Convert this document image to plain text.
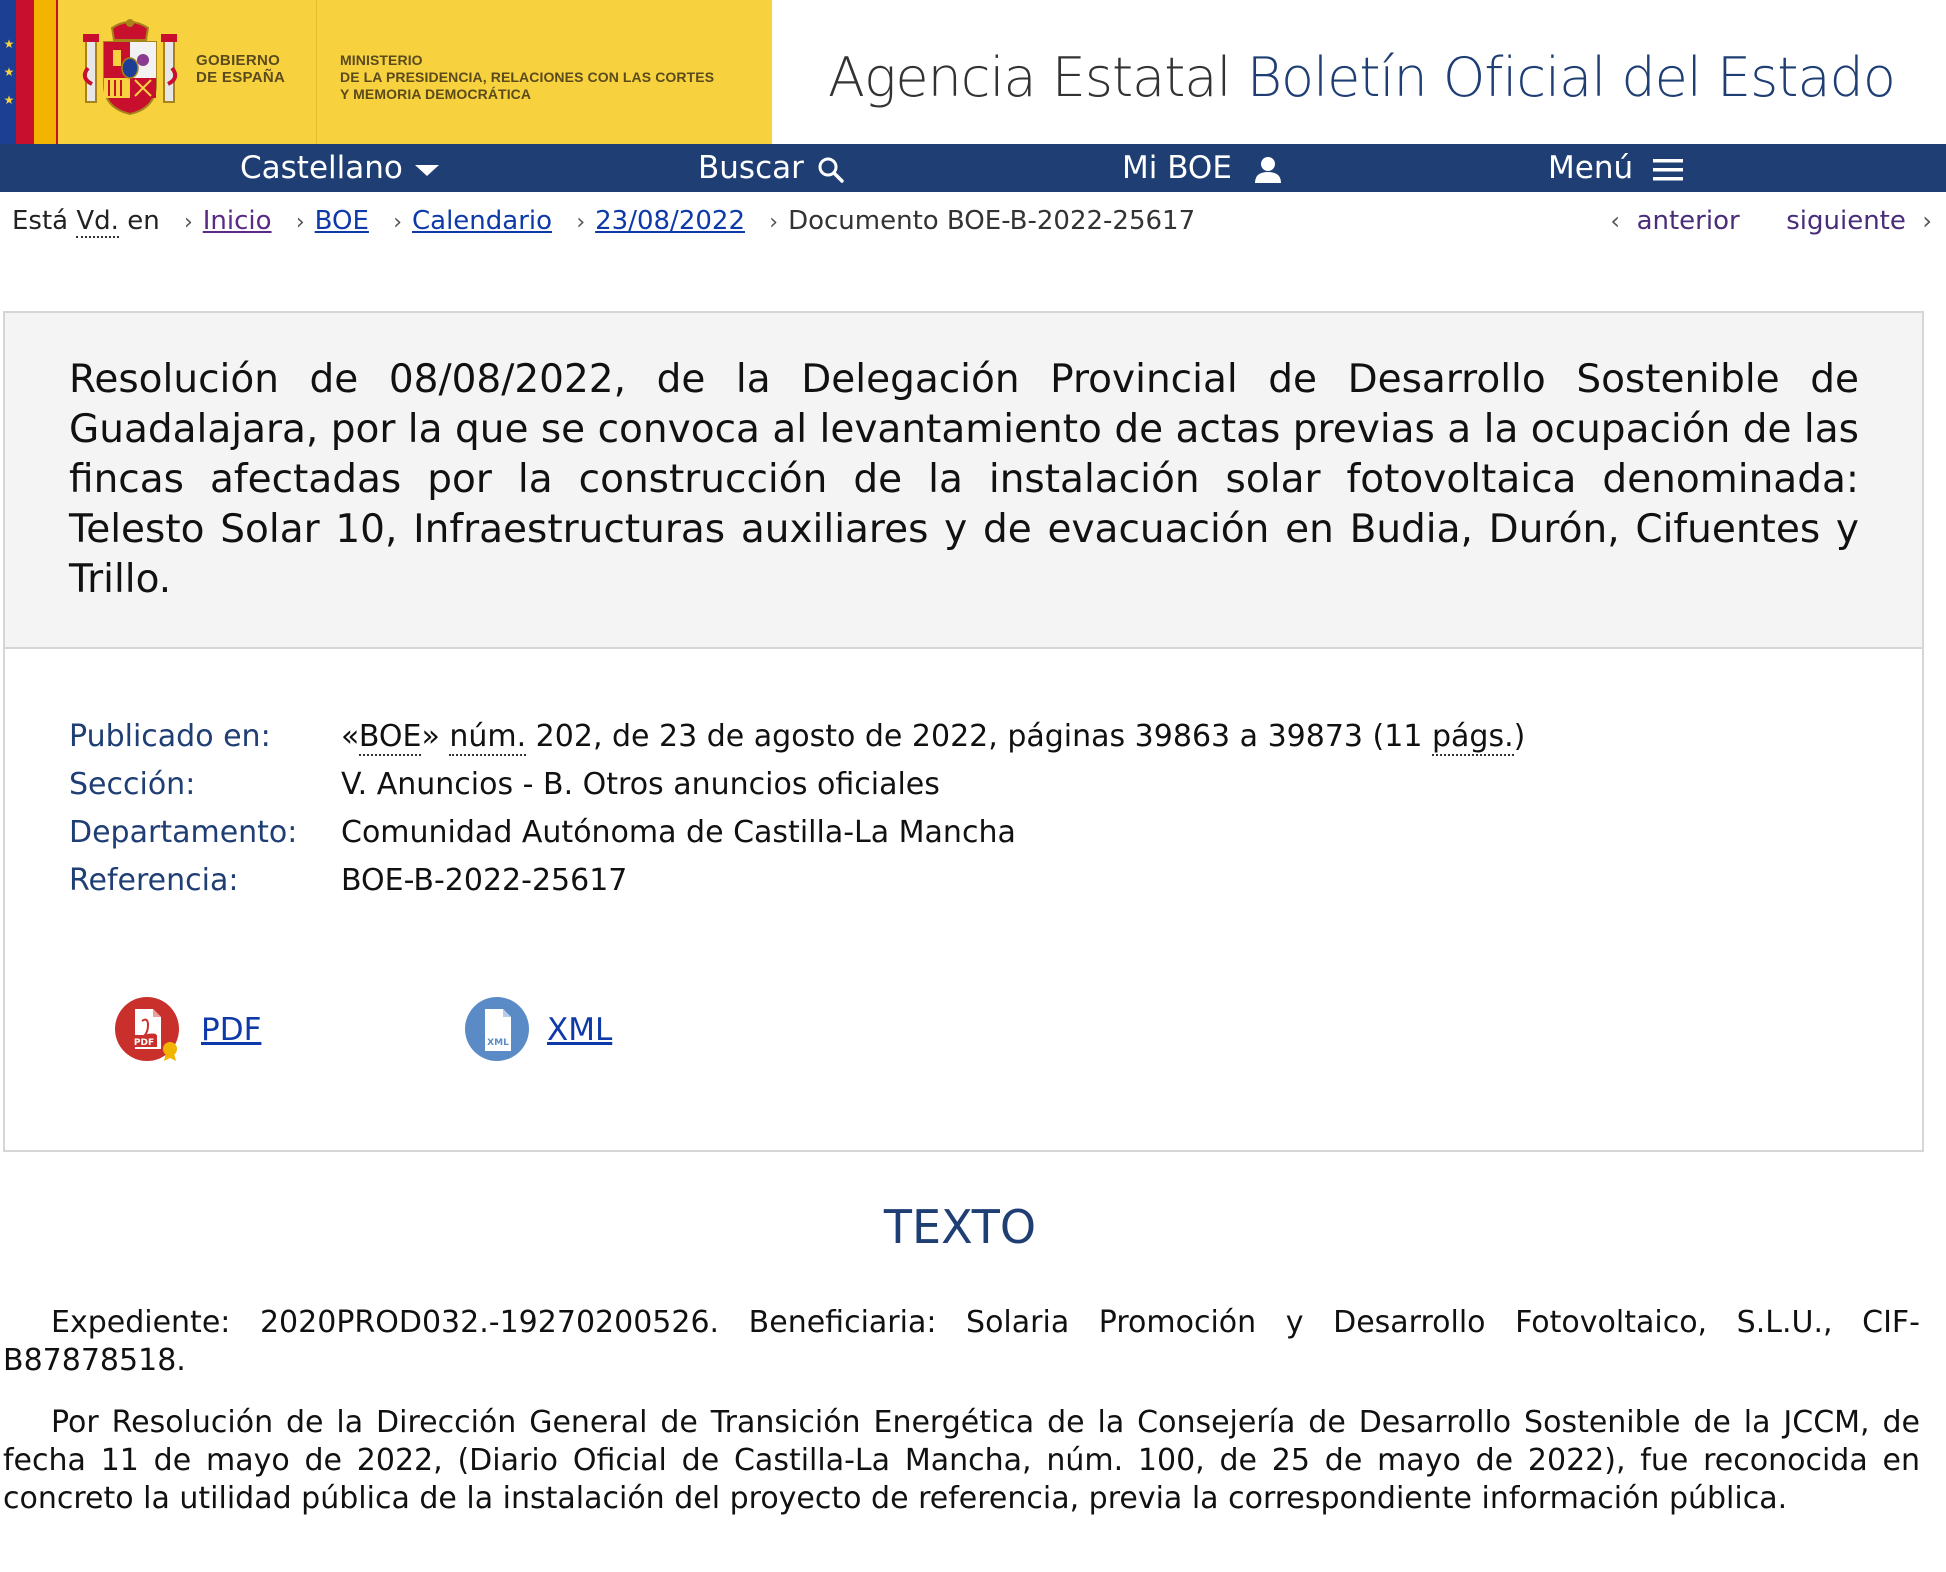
★
★
★
GOBIERNO
DE ESPAÑA
MINISTERIO
DE LA PRESIDENCIA, RELACIONES CON LAS CORTES
Y MEMORIA DEMOCRÁTICA	Agencia Estatal Boletín Oficial del Estado
Castellano	Buscar	Mi BOE	Menú
Está Vd. en › Inicio › BOE › Calendario › 23/08/2022 › Documento BOE-B-2022-25617	‹ anterior siguiente ›
Resolución de 08/08/2022, de la Delegación Provincial de Desarrollo Sostenible de Guadalajara, por la que se convoca al levantamiento de actas previas a la ocupación de las fincas afectadas por la construcción de la instalación solar fotovoltaica denominada: Telesto Solar 10, Infraestructuras auxiliares y de evacuación en Budia, Durón, Cifuentes y Trillo.
Publicado en:	«BOE» núm. 202, de 23 de agosto de 2022, páginas 39863 a 39873 (11 págs.)
Sección:	V. Anuncios - B. Otros anuncios oficiales
Departamento:	Comunidad Autónoma de Castilla-La Mancha
Referencia:	BOE-B-2022-25617
PDF PDF	XML XML
TEXTO
Expediente: 2020PROD032.-19270200526. Beneficiaria: Solaria Promoción y Desarrollo Fotovoltaico, S.L.U., CIF-B87878518.
Por Resolución de la Dirección General de Transición Energética de la Consejería de Desarrollo Sostenible de la JCCM, de fecha 11 de mayo de 2022, (Diario Oficial de Castilla-La Mancha, núm. 100, de 25 de mayo de 2022), fue reconocida en concreto la utilidad pública de la instalación del proyecto de referencia, previa la correspondiente información pública.
